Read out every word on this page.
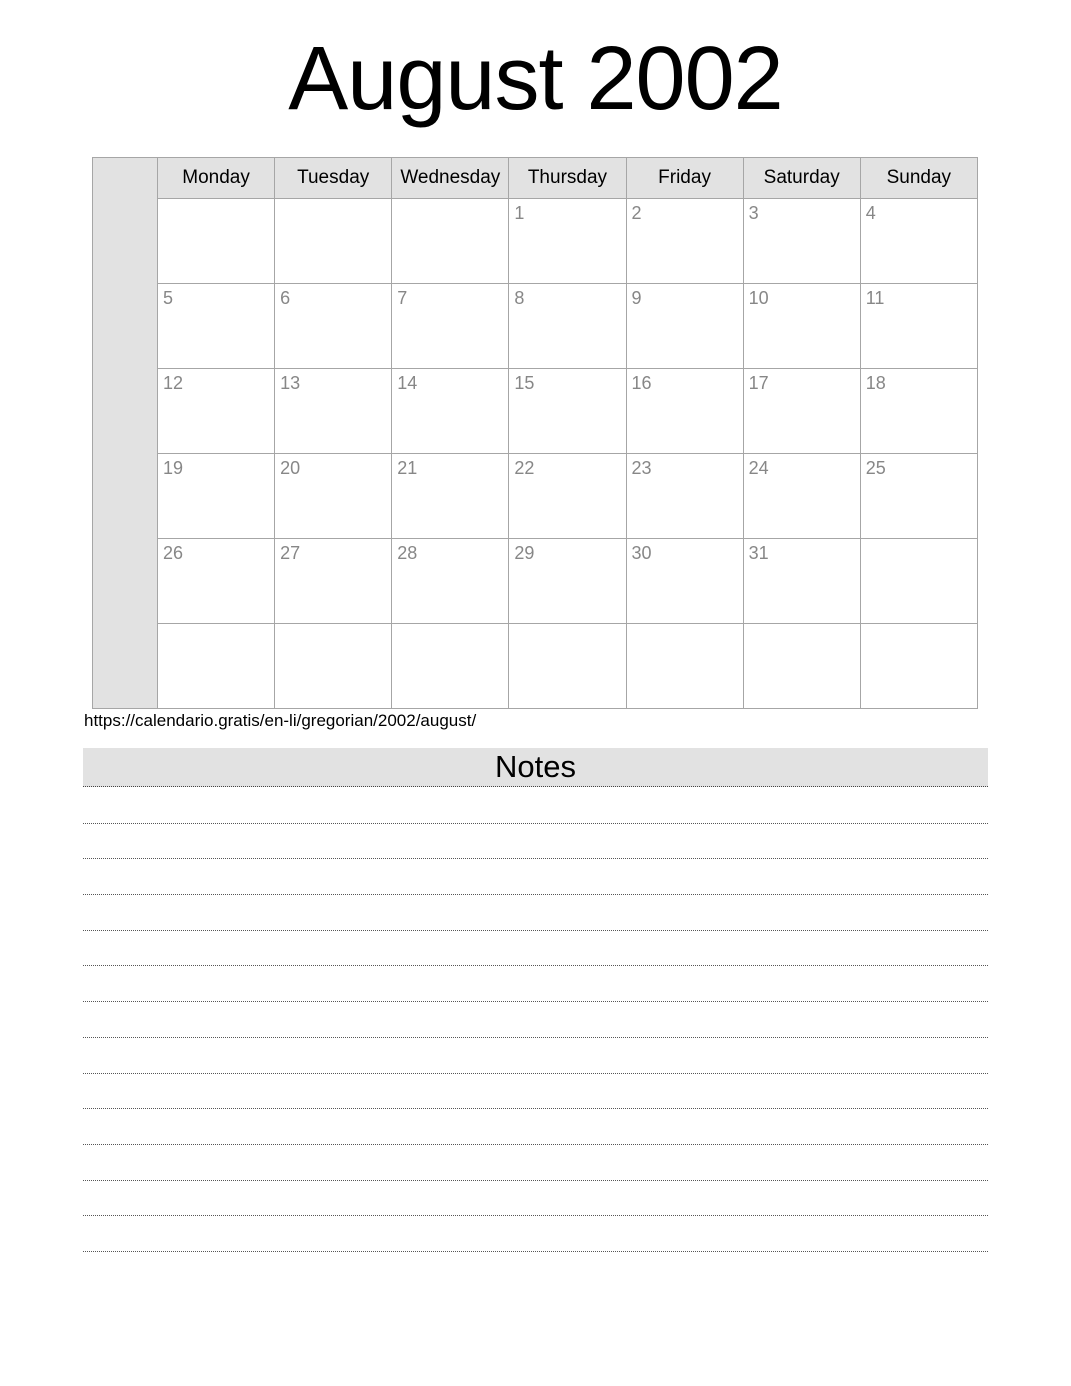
August 2002
	Monday	Tuesday	Wednesday	Thursday	Friday	Saturday	Sunday
				1	2	3	4
	5	6	7	8	9	10	11
	12	13	14	15	16	17	18
	19	20	21	22	23	24	25
	26	27	28	29	30	31	

https://calendario.gratis/en-li/gregorian/2002/august/
Notes
